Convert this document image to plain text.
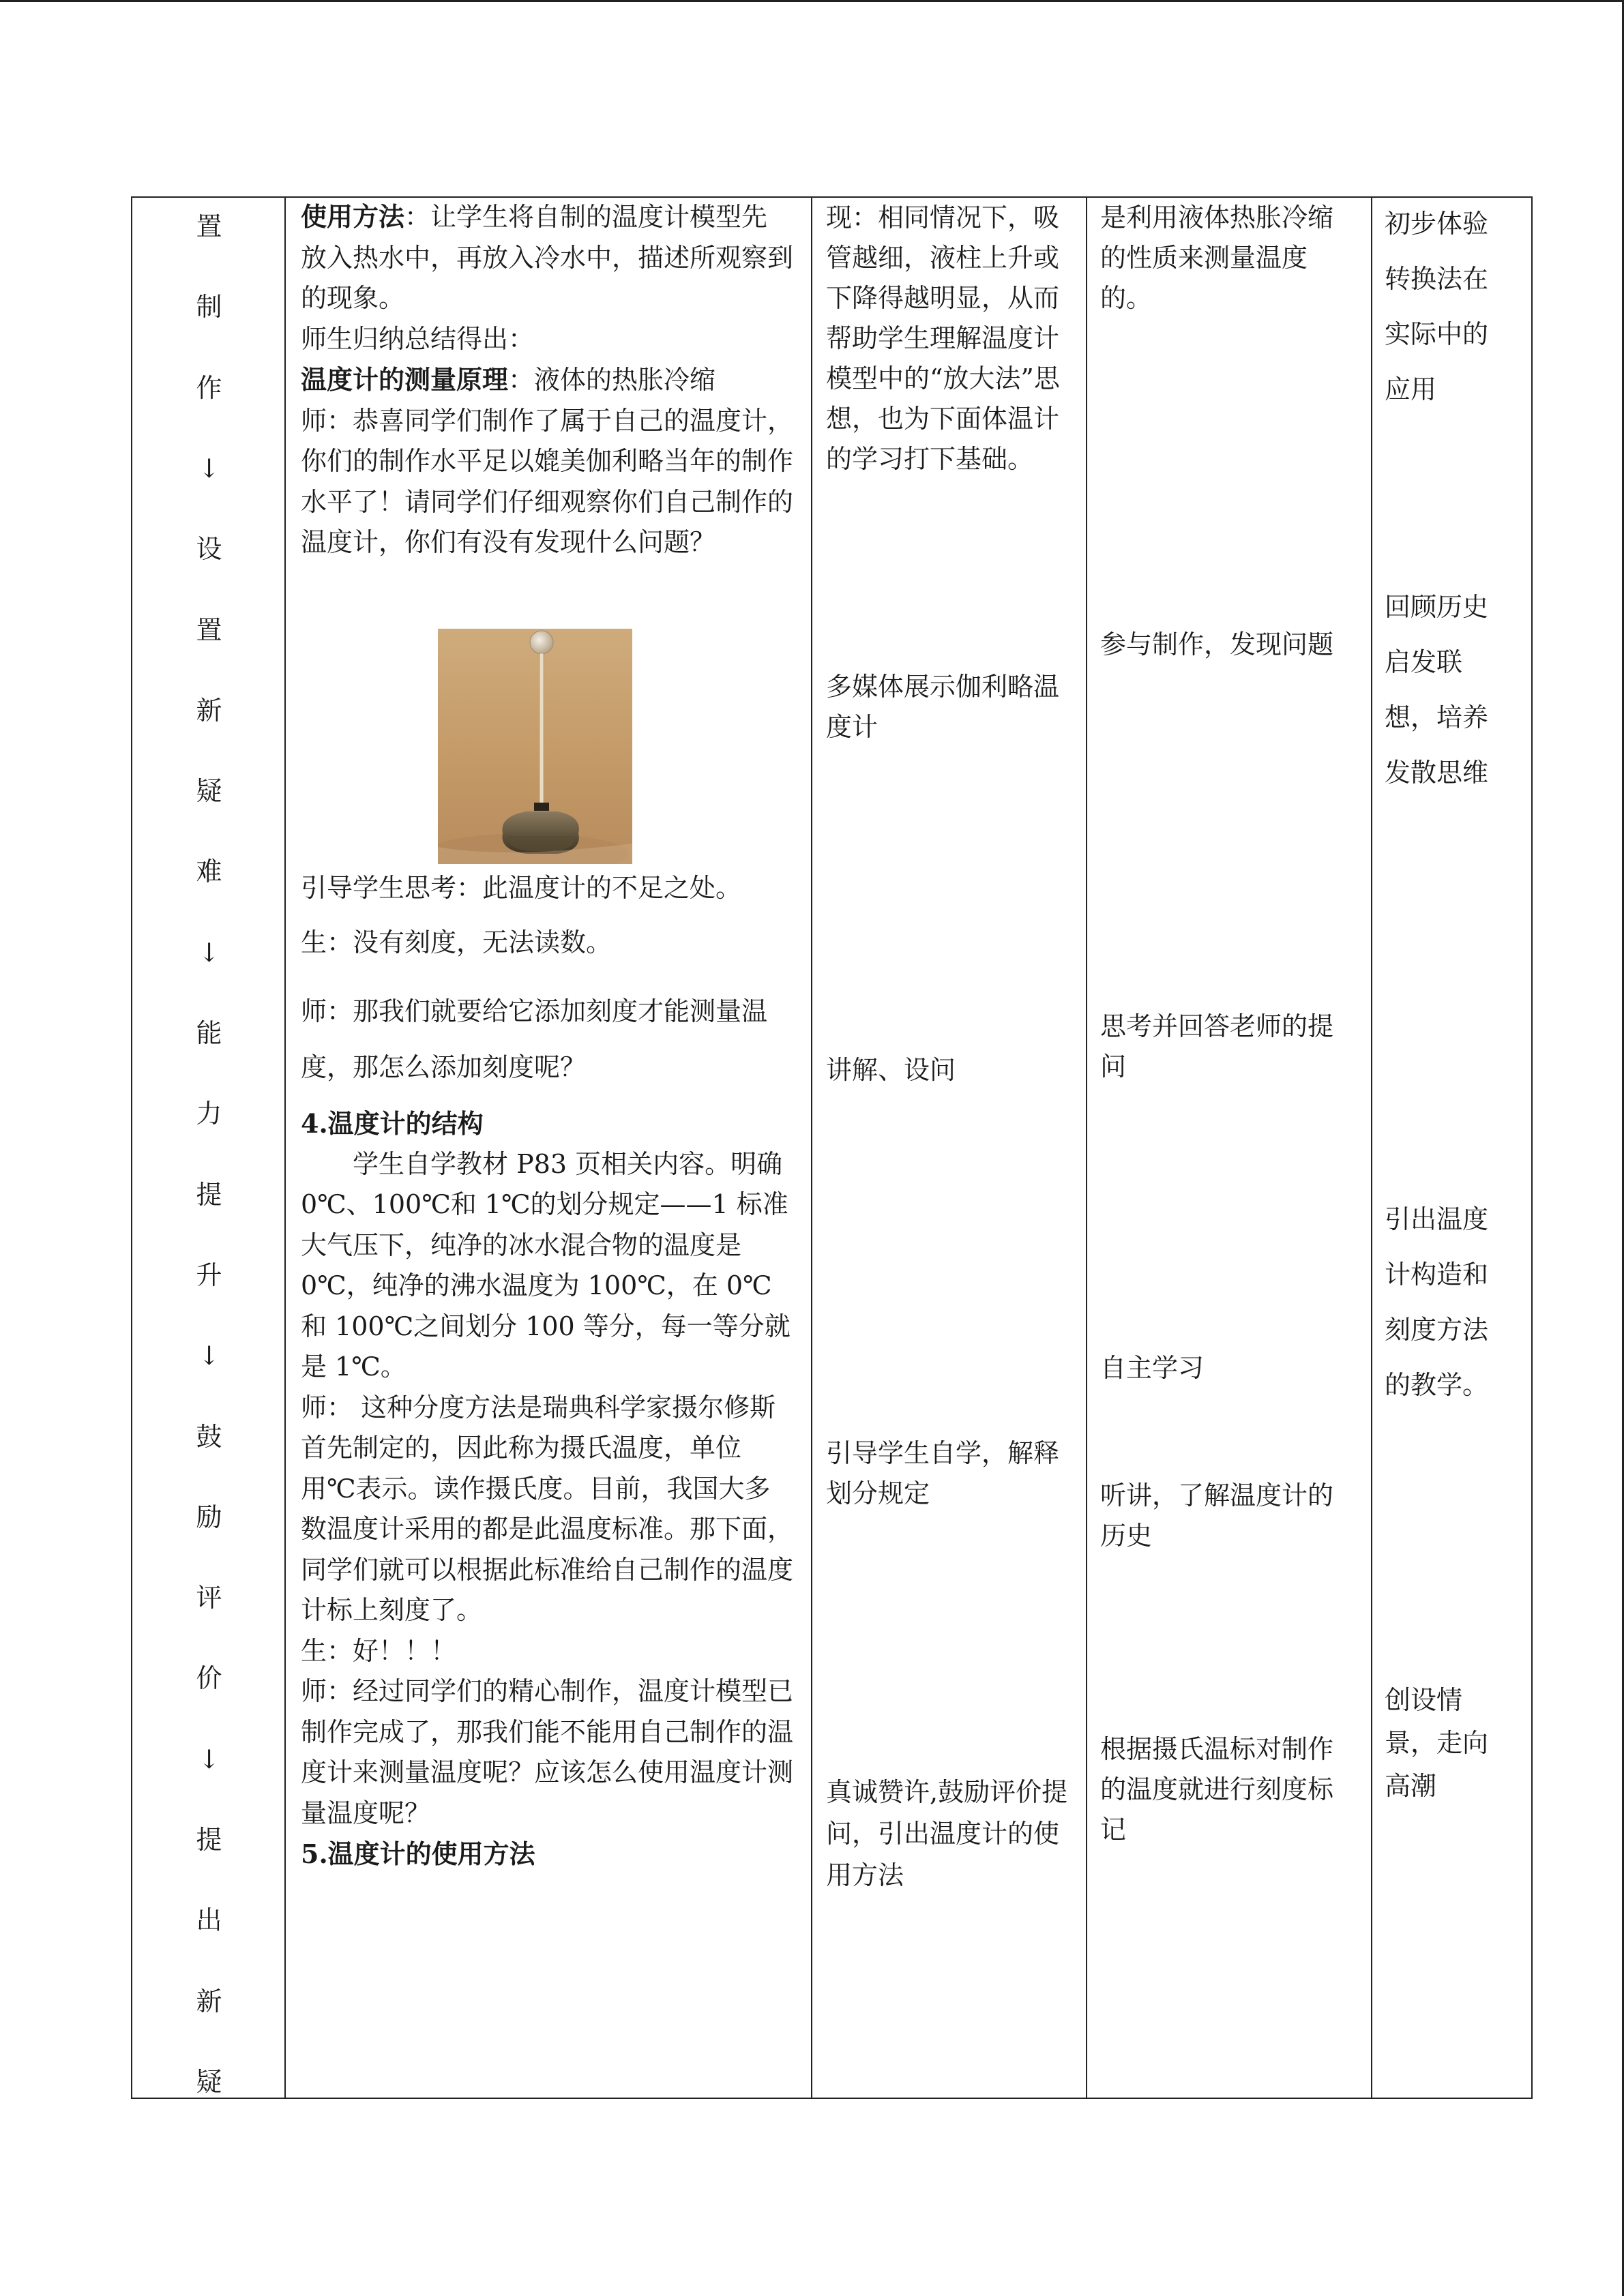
置
制
作
↓
设
置
新
疑
难
↓
能
力
提
升
↓
鼓
励
评
价
↓
提
出
新
疑
使用方法：让学生将自制的温度计模型先放入热水中，再放入冷水中，描述所观察到的现象。
师生归纳总结得出：
温度计的测量原理：液体的热胀冷缩
师：恭喜同学们制作了属于自己的温度计，你们的制作水平足以媲美伽利略当年的制作水平了！请同学们仔细观察你们自己制作的温度计，你们有没有发现什么问题？
引导学生思考：此温度计的不足之处。
生：没有刻度，无法读数。
师：那我们就要给它添加刻度才能测量温度，那怎么添加刻度呢？
4.温度计的结构
学生自学教材 P83 页相关内容。明确 0℃、100℃和 1℃的划分规定——1 标准大气压下，纯净的冰水混合物的温度是 0℃，纯净的沸水温度为 100℃，在 0℃和 100℃之间划分 100 等分，每一等分就是 1℃。
师： 这种分度方法是瑞典科学家摄尔修斯首先制定的，因此称为摄氏温度，单位用℃表示。读作摄氏度。目前，我国大多数温度计采用的都是此温度标准。那下面，同学们就可以根据此标准给自己制作的温度计标上刻度了。
生：好！！！
师：经过同学们的精心制作，温度计模型已制作完成了，那我们能不能用自己制作的温度计来测量温度呢？应该怎么使用温度计测量温度呢？
5.温度计的使用方法
现：相同情况下，吸管越细，液柱上升或下降得越明显，从而帮助学生理解温度计模型中的“放大法”思想，也为下面体温计的学习打下基础。
多媒体展示伽利略温度计
讲解、设问
引导学生自学，解释划分规定
真诚赞许,鼓励评价提问，引出温度计的使用方法
是利用液体热胀冷缩的性质来测量温度的。
参与制作，发现问题
思考并回答老师的提问
自主学习
听讲，了解温度计的历史
根据摄氏温标对制作的温度就进行刻度标记
初步体验转换法在实际中的应用
回顾历史启发联想，培养发散思维
引出温度计构造和刻度方法的教学。
创设情景，走向高潮
